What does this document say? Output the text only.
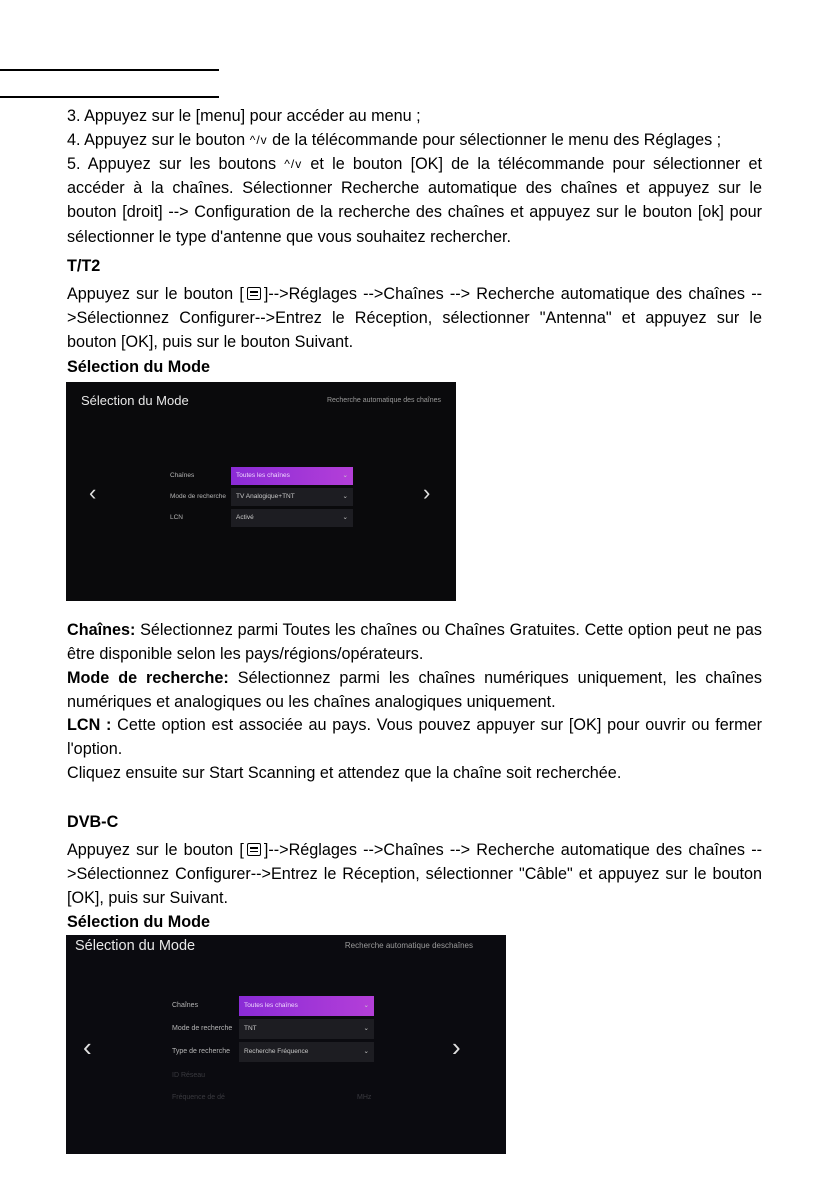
3. Appuyez sur le [menu] pour accéder au menu ;
4. Appuyez sur le bouton ^/v de la télécommande pour sélectionner le menu des Réglages ;
5. Appuyez sur les boutons ^/v et le bouton [OK] de la télécommande pour sélectionner et accéder à la chaînes. Sélectionner Recherche automatique des chaînes et appuyez sur le bouton [droit] --> Configuration de la recherche des chaînes et appuyez sur le bouton [ok] pour sélectionner le type d'antenne que vous souhaitez rechercher.
T/T2
Appuyez sur le bouton [ ]-->Réglages -->Chaînes --> Recherche automatique des chaînes -->Sélectionnez Configurer-->Entrez le Réception, sélectionner "Antenna" et appuyez sur le bouton [OK], puis sur le bouton Suivant.
Sélection du Mode
Sélection du Mode	Recherche automatique des chaînes
‹	›
Chaînes	Toutes les chaînes	⌄
Mode de recherche	TV Analogique+TNT	⌄
LCN	Activé	⌄
Chaînes: Sélectionnez parmi Toutes les chaînes ou Chaînes Gratuites. Cette option peut ne pas être disponible selon les pays/régions/opérateurs.
Mode de recherche: Sélectionnez parmi les chaînes numériques uniquement, les chaînes numériques et analogiques ou les chaînes analogiques uniquement.
LCN : Cette option est associée au pays. Vous pouvez appuyer sur [OK] pour ouvrir ou fermer l'option.
Cliquez ensuite sur Start Scanning et attendez que la chaîne soit recherchée.
DVB-C
Appuyez sur le bouton [ ]-->Réglages -->Chaînes --> Recherche automatique des chaînes -->Sélectionnez Configurer-->Entrez le Réception, sélectionner "Câble" et appuyez sur le bouton [OK], puis sur Suivant.
Sélection du Mode
Sélection du Mode	Recherche automatique deschaînes
‹	›
Chaînes	Toutes les chaînes	⌄
Mode de recherche	TNT	⌄
Type de recherche	Recherche Fréquence	⌄
ID Réseau
Fréquence de dé	MHz
